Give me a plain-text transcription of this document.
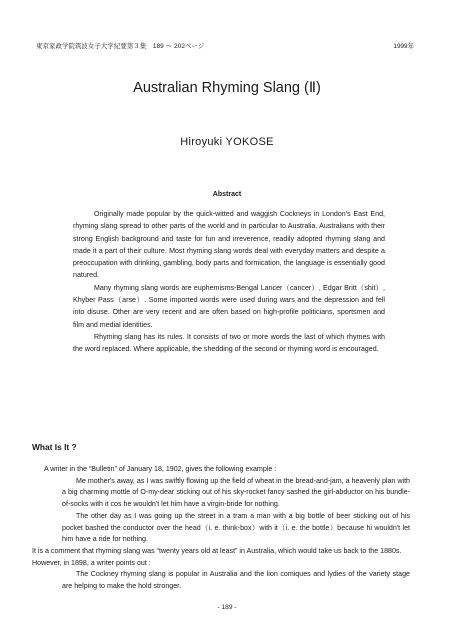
東京家政学院筑波女子大学紀要第３集　189 ～ 202ページ	1999年
Australian Rhyming Slang (Ⅱ)
Hiroyuki YOKOSE
Abstract

Originally made popular by the quick-witted and waggish Cockneys in London's East End, rhyming slang spread to other parts of the world and in particular to Australia. Australians with their strong English background and taste for fun and irreverence, readily adopted rhyming slang and made it a part of their culture. Most rhyming slang words deal with everyday matters and despite a preoccupation with drinking, gambling, body parts and formication, the language is essentially good natured.

Many rhyming slang words are euphemisms-Bengal Lancer（cancer）, Edgar Britt（shit）, Khyber Pass（arse）. Some imported words were used during wars and the depression and fell into disuse. Other are very recent and are often based on high-profile politicians, sportsmen and film and medial identities.

Rhyming slang has its rules. It consists of two or more words the last of which rhymes with the word replaced. Where applicable, the shedding of the second or rhyming word is encouraged.

What Is It ?

A writer in the “Bulletin” of January 18, 1902, gives the following example :

Me mother's away, as I was swiftly flowing up the field of wheat in the bread-and-jam, a heavenly plan with a big charming mottle of O-my-dear sticking out of his sky-rocket fancy sashed the girl-abductor on his bundle-of-socks with it cos he wouldn't let him have a virgin-bride for nothing.

The other day as I was going up the street in a tram a man with a big bottle of beer sticking out of his pocket bashed the conductor over the head（i. e. think-box）with it（i. e. the bottle）because hi wouldn't let him have a ride for nothing.

It is a comment that rhyming slang was “twenty years old at least” in Australia, which would take us back to the 1880s. However, in 1898, a writer points out :

The Cockney rhyming slang is popular in Australia and the lion comiques and lydies of the variety stage are helping to make the hold stronger.

- 189 -
